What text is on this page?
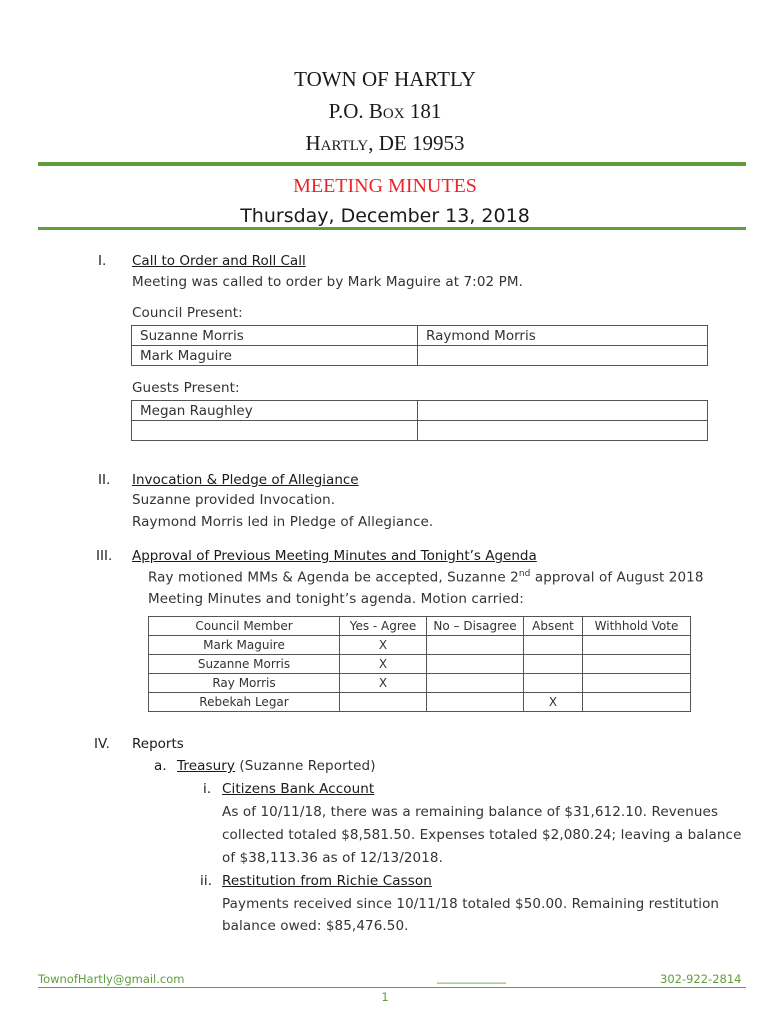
TOWN OF HARTLY
P.O. Box 181
Hartly, DE 19953
MEETING MINUTES
Thursday, December 13, 2018
I.	Call to Order and Roll Call
Meeting was called to order by Mark Maguire at 7:02 PM.
Council Present:
Suzanne Morris	Raymond Morris
Mark Maguire	
Guests Present:
Megan Raughley	

II.	Invocation & Pledge of Allegiance
Suzanne provided Invocation.
Raymond Morris led in Pledge of Allegiance.
III.	Approval of Previous Meeting Minutes and Tonight’s Agenda
Ray motioned MMs & Agenda be accepted, Suzanne 2nd approval of August 2018
Meeting Minutes and tonight’s agenda. Motion carried:
Council Member	Yes - Agree	No – Disagree	Absent	Withhold Vote
Mark Maguire	X			
Suzanne Morris	X			
Ray Morris	X			
Rebekah Legar			X	
IV.	Reports
a. Treasury (Suzanne Reported)
i. Citizens Bank Account
As of 10/11/18, there was a remaining balance of $31,612.10. Revenues
collected totaled $8,581.50. Expenses totaled $2,080.24; leaving a balance
of $38,113.36 as of 12/13/2018.
ii. Restitution from Richie Casson
Payments received since 10/11/18 totaled $50.00. Remaining restitution
balance owed: $85,476.50.
TownofHartly@gmail.com	____________	302-922-2814
1
